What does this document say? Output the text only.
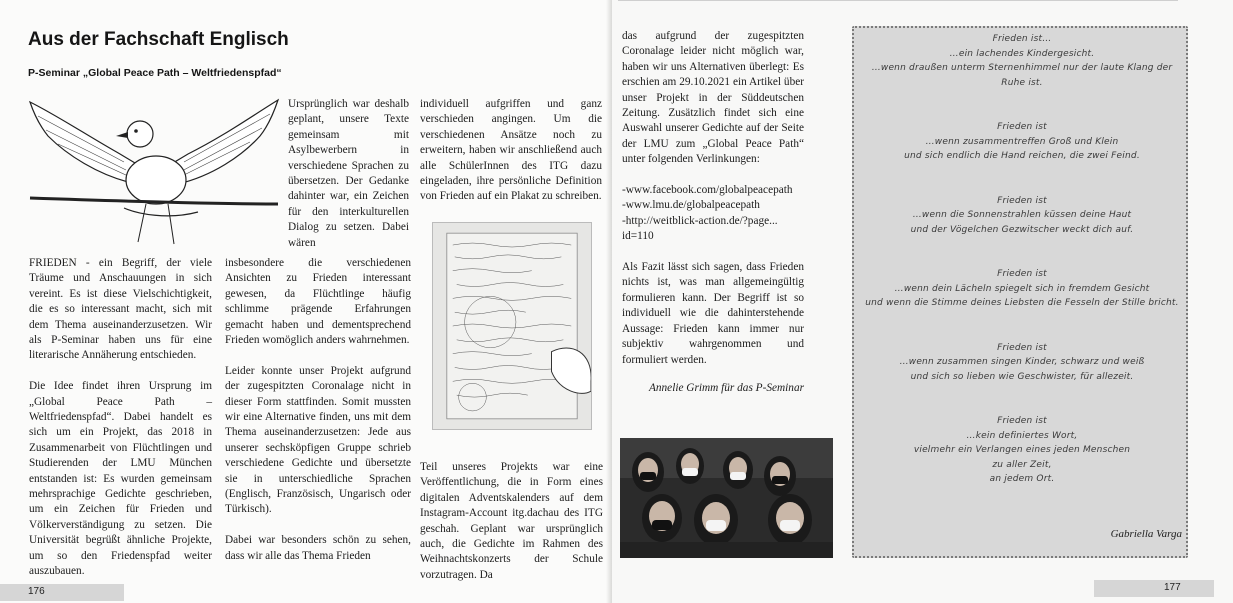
Aus der Fachschaft Englisch
P-Seminar „Global Peace Path – Weltfriedenspfad“

Ursprünglich war deshalb geplant, unsere Texte gemeinsam mit Asylbewerbern in verschiedene Sprachen zu übersetzen. Der Gedanke dahinter war, ein Zeichen für den interkulturellen Dialog zu setzen. Dabei wären

FRIEDEN - ein Begriff, der viele Träume und Anschauungen in sich vereint. Es ist diese Vielschichtigkeit, die es so interessant macht, sich mit dem Thema auseinanderzusetzen. Wir als P-Seminar haben uns für eine literarische Annäherung entschieden.

Die Idee findet ihren Ursprung im „Global Peace Path – Weltfriedenspfad“. Dabei handelt es sich um ein Projekt, das 2018 in Zusammenarbeit von Flüchtlingen und Studierenden der LMU München entstanden ist: Es wurden gemeinsam mehrsprachige Gedichte geschrieben, um ein Zeichen für Frieden und Völkerverständigung zu setzen. Die Universität begrüßt ähnliche Projekte, um so den Friedenspfad weiter auszubauen.

insbesondere die verschiedenen Ansichten zu Frieden interessant gewesen, da Flüchtlinge häufig schlimme prägende Erfahrungen gemacht haben und dementsprechend Frieden womöglich anders wahrnehmen.

Leider konnte unser Projekt aufgrund der zugespitzten Coronalage nicht in dieser Form stattfinden. Somit mussten wir eine Alternative finden, uns mit dem Thema auseinanderzusetzen: Jede aus unserer sechsköpfigen Gruppe schrieb verschiedene Gedichte und übersetzte sie in unterschiedliche Sprachen (Englisch, Französisch, Ungarisch oder Türkisch).

Dabei war besonders schön zu sehen, dass wir alle das Thema Frieden

individuell aufgriffen und ganz verschieden angingen. Um die verschiedenen Ansätze noch zu erweitern, haben wir anschließend auch alle SchülerInnen des ITG dazu eingeladen, ihre persönliche Definition von Frieden auf ein Plakat zu schreiben.

Teil unseres Projekts war eine Veröffentlichung, die in Form eines digitalen Adventskalenders auf dem Instagram-Account itg.dachau des ITG geschah. Geplant war ursprünglich auch, die Gedichte im Rahmen des Weihnachtskonzerts der Schule vorzutragen. Da

176

das aufgrund der zugespitzten Coronalage leider nicht möglich war, haben wir uns Alternativen überlegt: Es erschien am 29.10.2021 ein Artikel über unser Projekt in der Süddeutschen Zeitung. Zusätzlich findet sich eine Auswahl unserer Gedichte auf der Seite der LMU zum „Global Peace Path“ unter folgenden Verlinkungen:

-www.facebook.com/globalpeacepath
-www.lmu.de/globalpeacepath
-http://weitblick-action.de/?page...
id=110

Als Fazit lässt sich sagen, dass Frieden nichts ist, was man allgemeingültig formulieren kann. Der Begriff ist so individuell wie die dahinterstehende Aussage: Frieden kann immer nur subjektiv wahrgenommen und formuliert werden.

Annelie Grimm für das P-Seminar

Frieden ist…
…ein lachendes Kindergesicht.
…wenn draußen unterm Sternenhimmel nur der laute Klang der
Ruhe ist.
Frieden ist
…wenn zusammentreffen Groß und Klein
und sich endlich die Hand reichen, die zwei Feind.
Frieden ist
…wenn die Sonnenstrahlen küssen deine Haut
und der Vögelchen Gezwitscher weckt dich auf.
Frieden ist
…wenn dein Lächeln spiegelt sich in fremdem Gesicht
und wenn die Stimme deines Liebsten die Fesseln der Stille bricht.
Frieden ist
…wenn zusammen singen Kinder, schwarz und weiß
und sich so lieben wie Geschwister, für allezeit.
Frieden ist
…kein definiertes Wort,
vielmehr ein Verlangen eines jeden Menschen
zu aller Zeit,
an jedem Ort.
Gabriella Varga
177
